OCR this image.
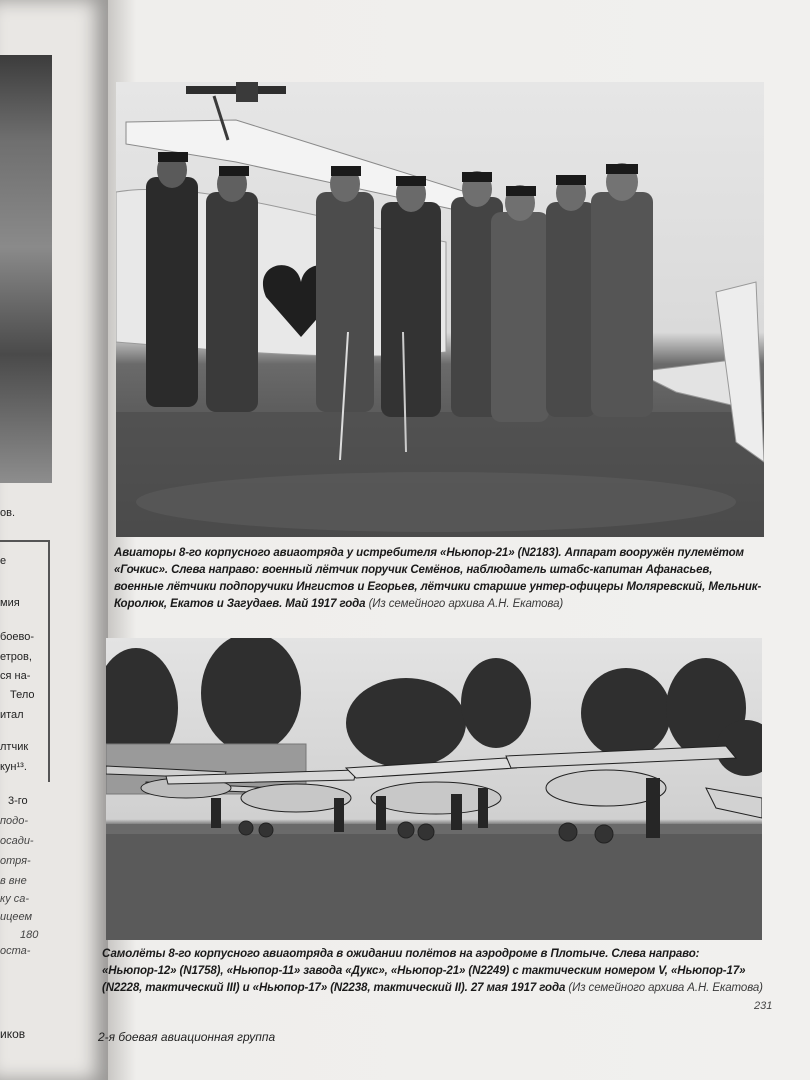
ов.
е
мия
боево-
етров,
ся на-
Тело
итал
лтчик
кун¹³.
3-го
подо-
осади-
отря-
в вне
ку са-
ицеем
180
оста-
иков
Авиаторы 8-го корпусного авиаотряда у истребителя «Ньюпор-21» (N2183). Аппарат вооружён пулемётом «Гочкис». Слева направо: военный лётчик поручик Семёнов, наблюдатель штабс-капитан Афанасьев, военные лётчики подпоручики Ингистов и Егорьев, лётчики старшие унтер-офицеры Моляревский, Мельник-Королюк, Екатов и Загудаев. Май 1917 года (Из семейного архива А.Н. Екатова)
Самолёты 8-го корпусного авиаотряда в ожидании полётов на аэродроме в Плотыче. Слева направо: «Ньюпор-12» (N1758), «Ньюпор-11» завода «Дукс», «Ньюпор-21» (N2249) с тактическим номером V, «Ньюпор-17» (N2228, тактический III) и «Ньюпор-17» (N2238, тактический II). 27 мая 1917 года (Из семейного архива А.Н. Екатова)
231
2-я боевая авиационная группа
